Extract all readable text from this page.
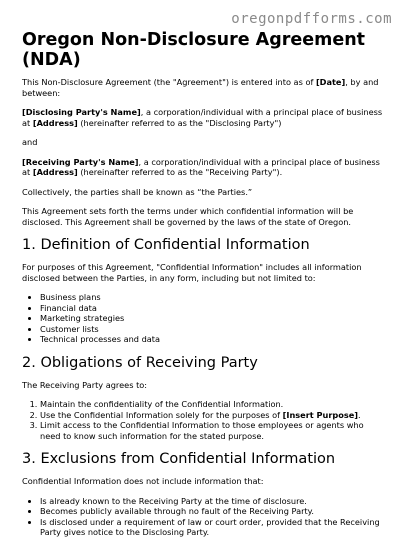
oregonpdfforms.com
Oregon Non-Disclosure Agreement (NDA)

This Non-Disclosure Agreement (the "Agreement") is entered into as of [Date], by and between:

[Disclosing Party's Name], a corporation/individual with a principal place of business at [Address] (hereinafter referred to as the "Disclosing Party")

and

[Receiving Party's Name], a corporation/individual with a principal place of business at [Address] (hereinafter referred to as the "Receiving Party").

Collectively, the parties shall be known as “the Parties.”

This Agreement sets forth the terms under which confidential information will be disclosed. This Agreement shall be governed by the laws of the state of Oregon.

1. Definition of Confidential Information

For purposes of this Agreement, "Confidential Information" includes all information disclosed between the Parties, in any form, including but not limited to:

• Business plans
• Financial data
• Marketing strategies
• Customer lists
• Technical processes and data
2. Obligations of Receiving Party

The Receiving Party agrees to:

1. Maintain the confidentiality of the Confidential Information.
2. Use the Confidential Information solely for the purposes of [Insert Purpose].
3. Limit access to the Confidential Information to those employees or agents who need to know such information for the stated purpose.
3. Exclusions from Confidential Information

Confidential Information does not include information that:

• Is already known to the Receiving Party at the time of disclosure.
• Becomes publicly available through no fault of the Receiving Party.
• Is disclosed under a requirement of law or court order, provided that the Receiving Party gives notice to the Disclosing Party.
